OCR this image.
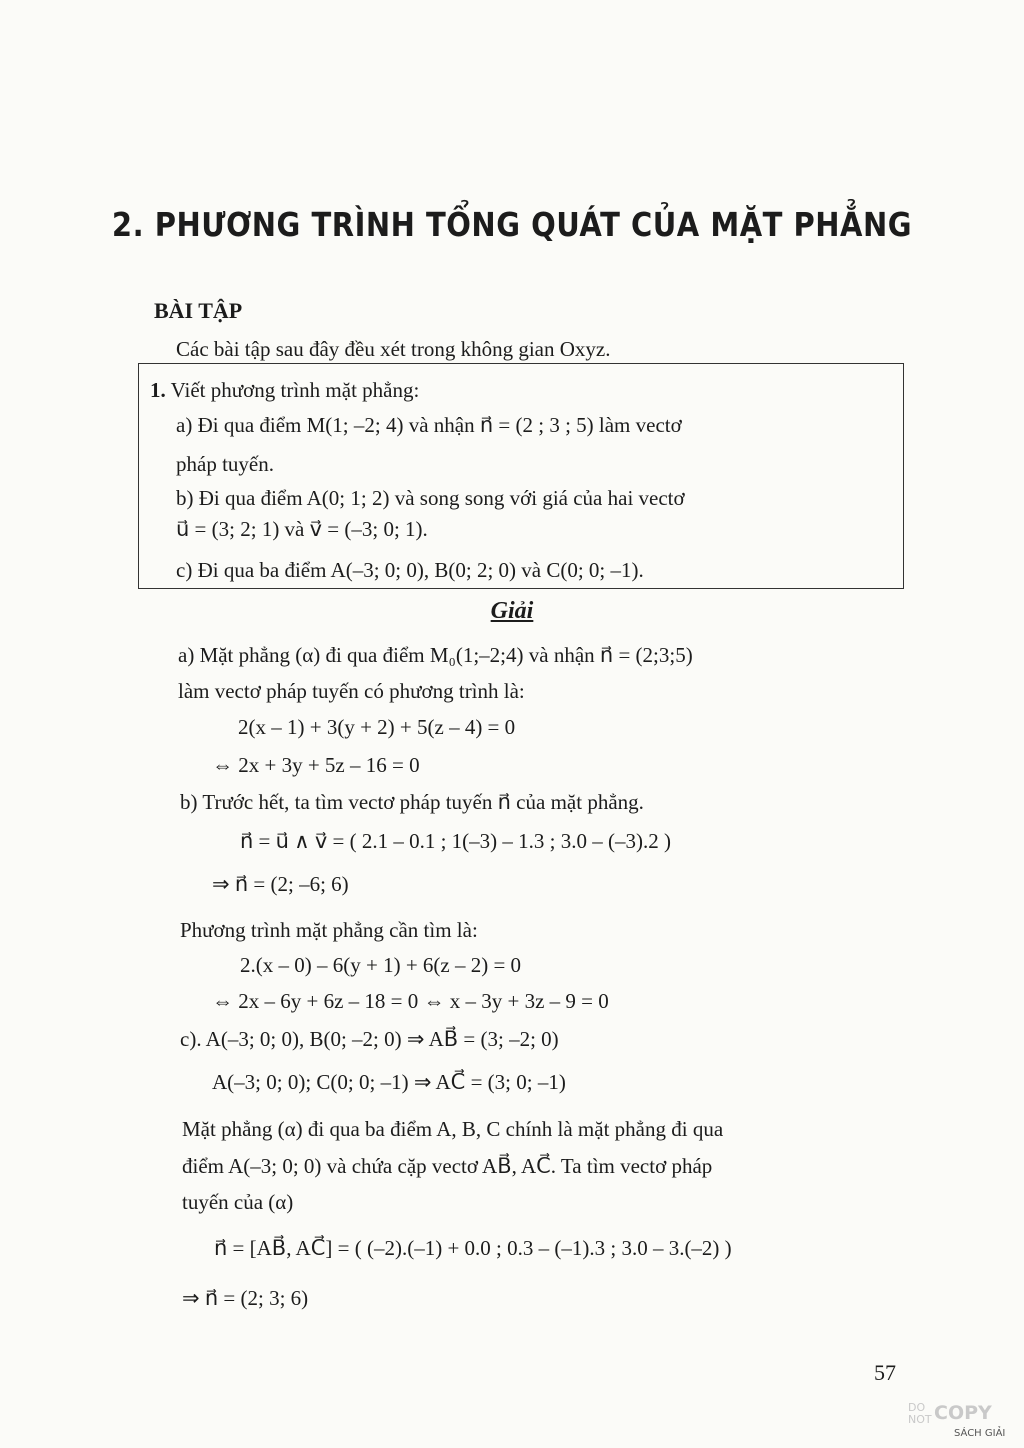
2. PHƯƠNG TRÌNH TỔNG QUÁT CỦA MẶT PHẲNG
BÀI TẬP
Các bài tập sau đây đều xét trong không gian Oxyz.
1. Viết phương trình mặt phẳng:
a) Đi qua điểm M(1; –2; 4) và nhận n⃗ = (2 ; 3 ; 5) làm vectơ
pháp tuyến.
b) Đi qua điểm A(0; 1; 2) và song song với giá của hai vectơ
u⃗ = (3; 2; 1) và v⃗ = (–3; 0; 1).
c) Đi qua ba điểm A(–3; 0; 0), B(0; 2; 0) và C(0; 0; –1).
Giải
a) Mặt phẳng (α) đi qua điểm M₀(1;–2;4) và nhận n⃗ = (2;3;5)
làm vectơ pháp tuyến có phương trình là:
2(x – 1) + 3(y + 2) + 5(z – 4) = 0
⇔ 2x + 3y + 5z – 16 = 0
b) Trước hết, ta tìm vectơ pháp tuyến n⃗ của mặt phẳng.
n⃗ = u⃗ ∧ v⃗ = ( 2.1 – 0.1 ; 1(–3) – 1.3 ; 3.0 – (–3).2 )
⇒ n⃗ = (2; –6; 6)
Phương trình mặt phẳng cần tìm là:
2.(x – 0) – 6(y + 1) + 6(z – 2) = 0
⇔ 2x – 6y + 6z – 18 = 0 ⇔ x – 3y + 3z – 9 = 0
c). A(–3; 0; 0), B(0; –2; 0) ⇒ AB⃗ = (3; –2; 0)
A(–3; 0; 0); C(0; 0; –1) ⇒ AC⃗ = (3; 0; –1)
Mặt phẳng (α) đi qua ba điểm A, B, C chính là mặt phẳng đi qua
điểm A(–3; 0; 0) và chứa cặp vectơ AB⃗, AC⃗. Ta tìm vectơ pháp
tuyến của (α)
n⃗ = [AB⃗, AC⃗] = ( (–2).(–1) + 0.0 ; 0.3 – (–1).3 ; 3.0 – 3.(–2) )
⇒ n⃗ = (2; 3; 6)
57
DO
NOT COPY
SÁCH GIẢI
